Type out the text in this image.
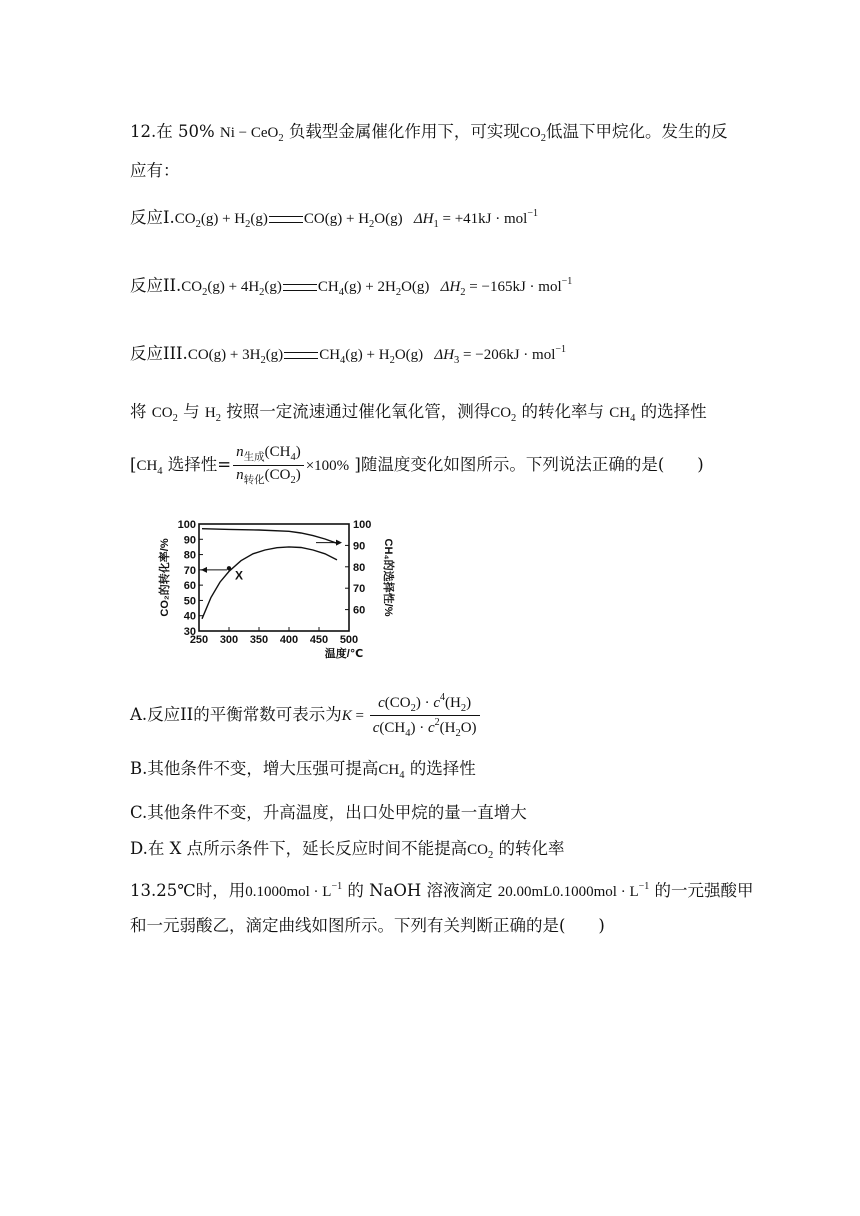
12.在 50% Ni − CeO$_2$ 负载型金属催化作用下，可实现$CO_2$低温下甲烷化。发生的反
应有：
反应$I.CO_2(g) + H_2(g) CO(g) + H_2O(g) \Delta H_1 = +41kJ \cdot mol^{-1}$
反应$II.CO_2(g) + 4H_2(g) CH_4(g) + 2H_2O(g) \Delta H_2 = -165kJ \cdot mol^{-1}$
反应$III.CO(g) + 3H_2(g) CH_4(g) + H_2O(g) \Delta H_3 = -206kJ \cdot mol^{-1}$
将 $CO_2$ 与 $H_2$ 按照一定流速通过催化氧化管，测得$CO_2$ 的转化率与 $CH_4$ 的选择性
[$CH_4$ 选择性= $\frac{n_{生成}(CH_4)}{n_{转化}(CO_2)} \times 100\%$ ]随温度变化如图所示。下列说法正确的是(　　)
250 300 350 400 450 500
30
40
50
60
70
80
90
100
60
70
80
90
100
温度/℃
CO₂的转化率/%	CH₄的选择性/%
X
A.反应II的平衡常数可表示为$K = \frac{c(CO_2) \cdot c^4(H_2)}{c(CH_4) \cdot c^2(H_2O)}$
B.其他条件不变，增大压强可提高$CH_4$ 的选择性
C.其他条件不变，升高温度，出口处甲烷的量一直增大
D.在 X 点所示条件下，延长反应时间不能提高$CO_2$ 的转化率
13.25℃时，用$0.1000mol \cdot L^{-1}$ 的 NaOH 溶液滴定 $20.00mL0.1000mol \cdot L^{-1}$ 的一元强酸甲
和一元弱酸乙，滴定曲线如图所示。下列有关判断正确的是(　　)
